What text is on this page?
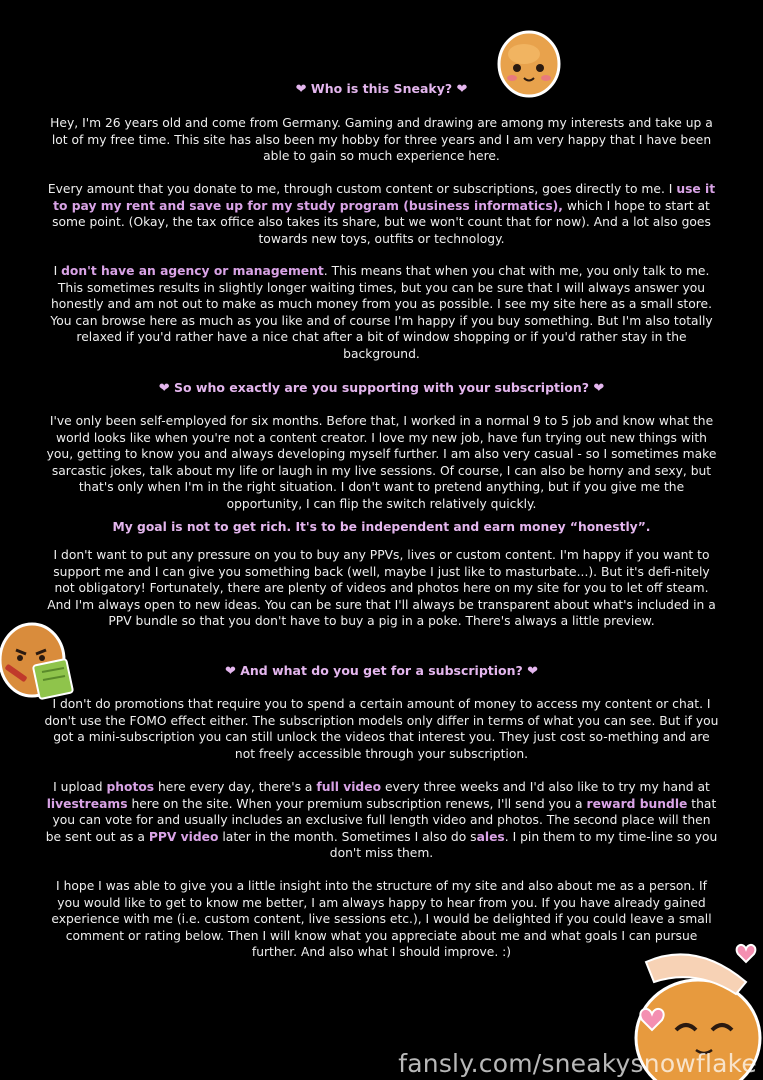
❤ Who is this Sneaky? ❤
Hey, I'm 26 years old and come from Germany. Gaming and drawing are among my interests and take up a lot of my free time. This site has also been my hobby for three years and I am very happy that I have been able to gain so much experience here.
Every amount that you donate to me, through custom content or subscriptions, goes directly to me. I use it to pay my rent and save up for my study program (business informatics), which I hope to start at some point. (Okay, the tax office also takes its share, but we won't count that for now). And a lot also goes towards new toys, outfits or technology.
I don't have an agency or management. This means that when you chat with me, you only talk to me. This sometimes results in slightly longer waiting times, but you can be sure that I will always answer you honestly and am not out to make as much money from you as possible. I see my site here as a small store. You can browse here as much as you like and of course I'm happy if you buy something. But I'm also totally relaxed if you'd rather have a nice chat after a bit of window shopping or if you'd rather stay in the background.
❤ So who exactly are you supporting with your subscription? ❤
I've only been self-employed for six months. Before that, I worked in a normal 9 to 5 job and know what the world looks like when you're not a content creator. I love my new job, have fun trying out new things with you, getting to know you and always developing myself further. I am also very casual - so I sometimes make sarcastic jokes, talk about my life or laugh in my live sessions. Of course, I can also be horny and sexy, but that's only when I'm in the right situation. I don't want to pretend anything, but if you give me the opportunity, I can flip the switch relatively quickly.
My goal is not to get rich. It's to be independent and earn money “honestly”.
I don't want to put any pressure on you to buy any PPVs, lives or custom content. I'm happy if you want to support me and I can give you something back (well, maybe I just like to masturbate...). But it's defi-nitely not obligatory! Fortunately, there are plenty of videos and photos here on my site for you to let off steam. And I'm always open to new ideas. You can be sure that I'll always be transparent about what's included in a PPV bundle so that you don't have to buy a pig in a poke. There's always a little preview.
❤ And what do you get for a subscription? ❤
I don't do promotions that require you to spend a certain amount of money to access my content or chat. I don't use the FOMO effect either. The subscription models only differ in terms of what you can see. But if you got a mini-subscription you can still unlock the videos that interest you. They just cost so-mething and are not freely accessible through your subscription.
I upload photos here every day, there's a full video every three weeks and I'd also like to try my hand at livestreams here on the site. When your premium subscription renews, I'll send you a reward bundle that you can vote for and usually includes an exclusive full length video and photos. The second place will then be sent out as a PPV video later in the month. Sometimes I also do sales. I pin them to my time-line so you don't miss them.
I hope I was able to give you a little insight into the structure of my site and also about me as a person. If you would like to get to know me better, I am always happy to hear from you. If you have already gained experience with me (i.e. custom content, live sessions etc.), I would be delighted if you could leave a small comment or rating below. Then I will know what you appreciate about me and what goals I can pursue further. And also what I should improve. :)
fansly.com/sneakysnowflake
